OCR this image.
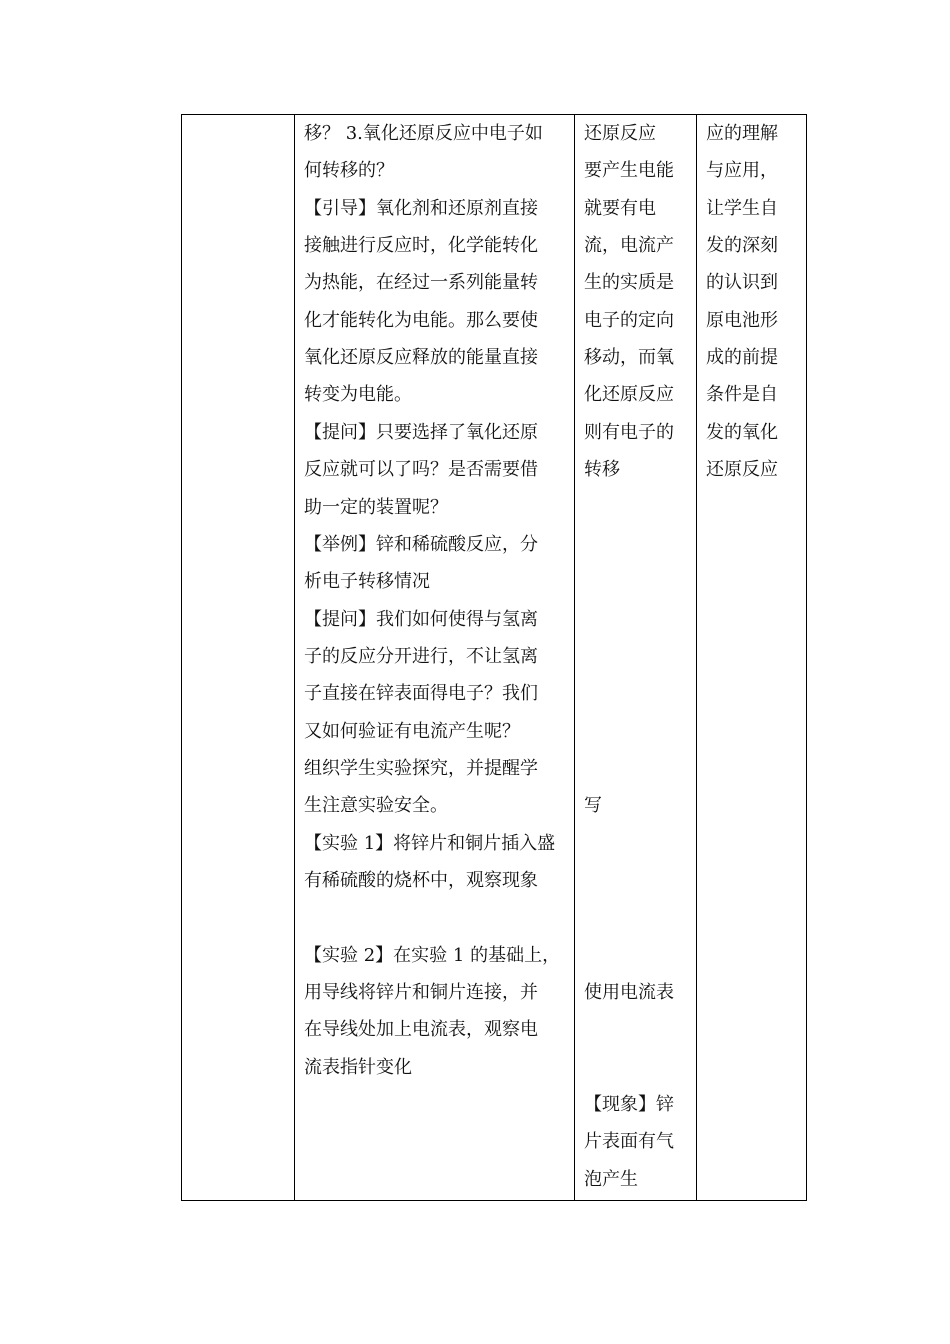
移？ 3.氧化还原反应中电子如
何转移的？
【引导】氧化剂和还原剂直接
接触进行反应时，化学能转化
为热能，在经过一系列能量转
化才能转化为电能。那么要使
氧化还原反应释放的能量直接
转变为电能。
【提问】只要选择了氧化还原
反应就可以了吗？是否需要借
助一定的装置呢？
【举例】锌和稀硫酸反应，分
析电子转移情况
【提问】我们如何使得与氢离
子的反应分开进行，不让氢离
子直接在锌表面得电子？我们
又如何验证有电流产生呢？
组织学生实验探究，并提醒学
生注意实验安全。
【实验 1】将锌片和铜片插入盛
有稀硫酸的烧杯中，观察现象
【实验 2】在实验 1 的基础上，
用导线将锌片和铜片连接，并
在导线处加上电流表，观察电
流表指针变化
还原反应
要产生电能
就要有电
流，电流产
生的实质是
电子的定向
移动，而氧
化还原反应
则有电子的
转移
写
使用电流表
【现象】锌
片表面有气
泡产生
应的理解
与应用，
让学生自
发的深刻
的认识到
原电池形
成的前提
条件是自
发的氧化
还原反应
